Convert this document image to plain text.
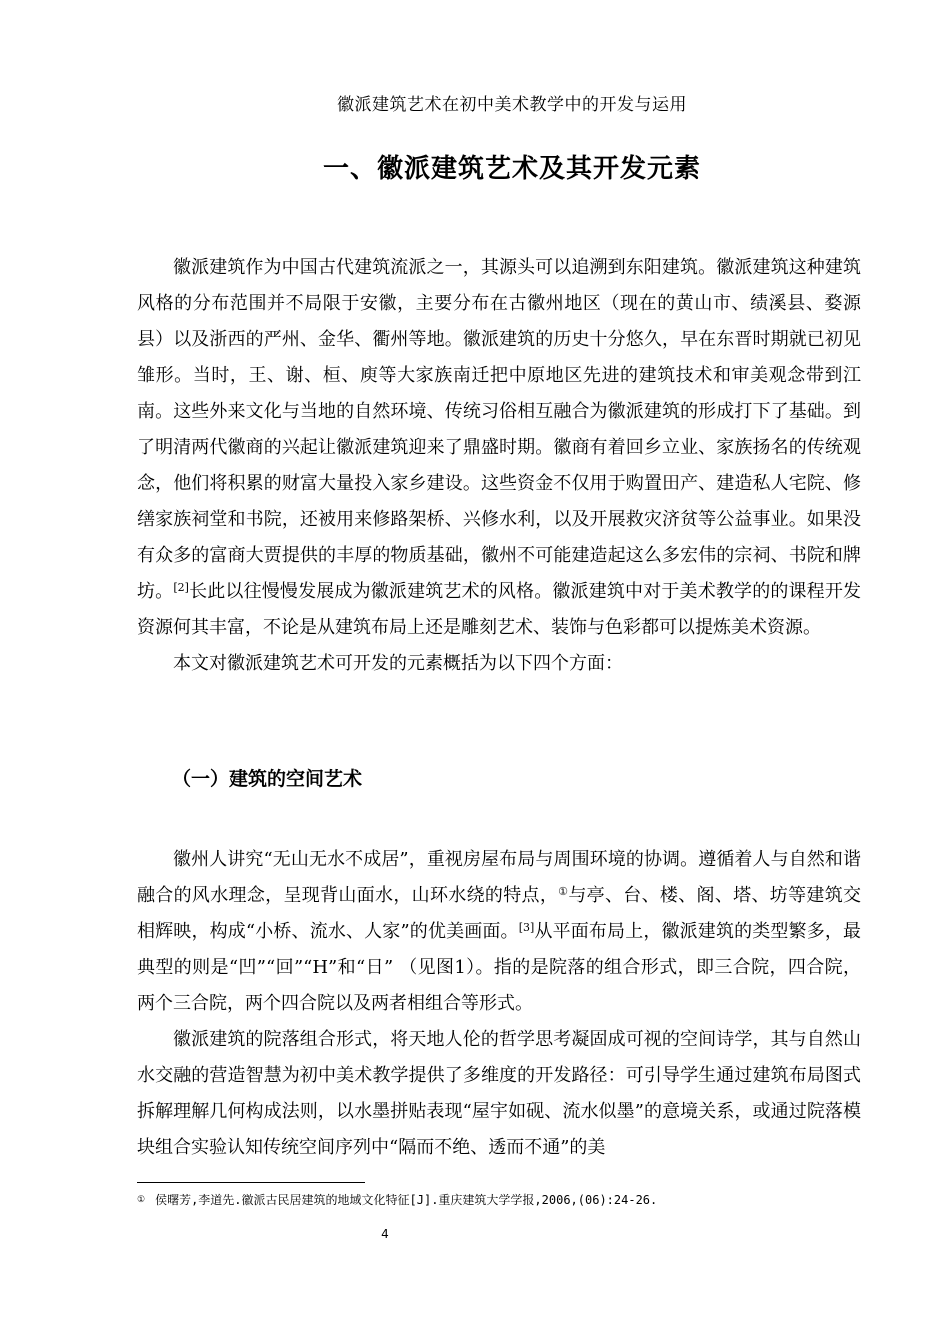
徽派建筑艺术在初中美术教学中的开发与运用
一、徽派建筑艺术及其开发元素

徽派建筑作为中国古代建筑流派之一，其源头可以追溯到东阳建筑。徽派建筑这种建筑风格的分布范围并不局限于安徽，主要分布在古徽州地区（现在的黄山市、绩溪县、婺源县）以及浙西的严州、金华、衢州等地。徽派建筑的历史十分悠久，早在东晋时期就已初见雏形。当时，王、谢、桓、庾等大家族南迁把中原地区先进的建筑技术和审美观念带到江南。这些外来文化与当地的自然环境、传统习俗相互融合为徽派建筑的形成打下了基础。到了明清两代徽商的兴起让徽派建筑迎来了鼎盛时期。徽商有着回乡立业、家族扬名的传统观念，他们将积累的财富大量投入家乡建设。这些资金不仅用于购置田产、建造私人宅院、修缮家族祠堂和书院，还被用来修路架桥、兴修水利，以及开展救灾济贫等公益事业。如果没有众多的富商大贾提供的丰厚的物质基础，徽州不可能建造起这么多宏伟的宗祠、书院和牌坊。[2]长此以往慢慢发展成为徽派建筑艺术的风格。徽派建筑中对于美术教学的的课程开发资源何其丰富，不论是从建筑布局上还是雕刻艺术、装饰与色彩都可以提炼美术资源。

本文对徽派建筑艺术可开发的元素概括为以下四个方面：

（一）建筑的空间艺术

徽州人讲究“无山无水不成居”，重视房屋布局与周围环境的协调。遵循着人与自然和谐融合的风水理念，呈现背山面水，山环水绕的特点，①与亭、台、楼、阁、塔、坊等建筑交相辉映，构成“小桥、流水、人家”的优美画面。[3]从平面布局上，徽派建筑的类型繁多，最典型的则是“凹”“回”“H”和“日” （见图1）。指的是院落的组合形式，即三合院，四合院，两个三合院，两个四合院以及两者相组合等形式。

徽派建筑的院落组合形式，将天地人伦的哲学思考凝固成可视的空间诗学，其与自然山水交融的营造智慧为初中美术教学提供了多维度的开发路径：可引导学生通过建筑布局图式拆解理解几何构成法则，以水墨拼贴表现“屋宇如砚、流水似墨”的意境关系，或通过院落模块组合实验认知传统空间序列中“隔而不绝、透而不通”的美

① 侯曙芳,李道先.徽派古民居建筑的地域文化特征[J].重庆建筑大学学报,2006,(06):24-26.
4
